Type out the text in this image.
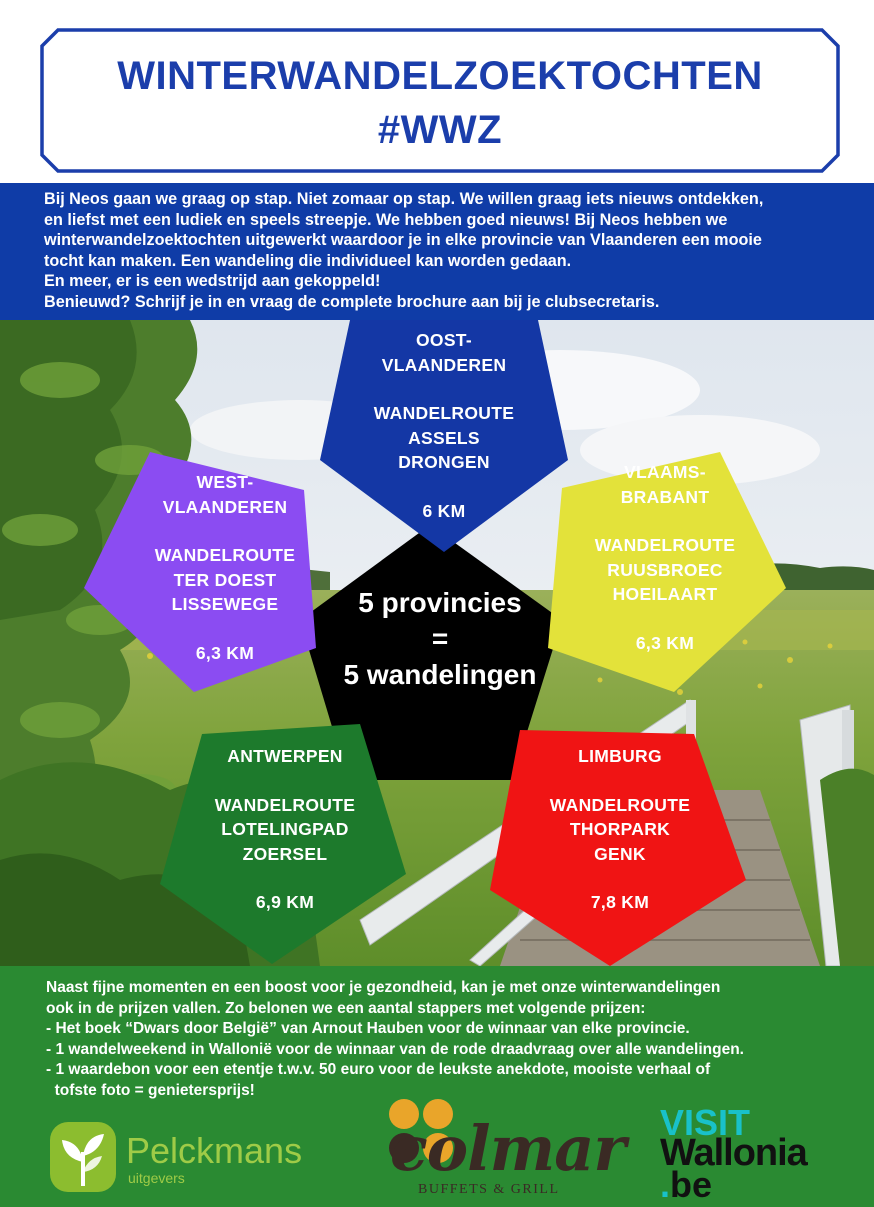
WINTERWANDELZOEKTOCHTEN
#WWZ

Bij Neos gaan we graag op stap. Niet zomaar op stap. We willen graag iets nieuws ontdekken,

en liefst met een ludiek en speels streepje. We hebben goed nieuws! Bij Neos hebben we

winterwandelzoektochten uitgewerkt waardoor je in elke provincie van Vlaanderen een mooie

tocht kan maken. Een wandeling die individueel kan worden gedaan.

En meer, er is een wedstrijd aan gekoppeld!

Benieuwd? Schrijf je in en vraag de complete brochure aan bij je clubsecretaris.

5 provincies
=
5 wandelingen
OOST-
VLAANDEREN
WANDELROUTE
ASSELS
DRONGEN
6 KM
WEST-
VLAANDEREN
WANDELROUTE
TER DOEST
LISSEWEGE
6,3 KM
VLAAMS-
BRABANT
WANDELROUTE
RUUSBROEC
HOEILAART
6,3 KM
ANTWERPEN
WANDELROUTE
LOTELINGPAD
ZOERSEL
6,9 KM
LIMBURG
WANDELROUTE
THORPARK
GENK
7,8 KM

Naast fijne momenten en een boost voor je gezondheid, kan je met onze winterwandelingen

ook in de prijzen vallen. Zo belonen we een aantal stappers met volgende prijzen:

- Het boek “Dwars door België” van Arnout Hauben voor de winnaar van elke provincie.

- 1 wandelweekend in Wallonië voor de winnaar van de rode draadvraag over alle wandelingen.

- 1 waardebon voor een etentje t.w.v. 50 euro voor de leukste anekdote, mooiste verhaal of

tofste foto = genietersprijs!

Pelckmans
uitgevers	colmar
BUFFETS & GRILL
VISIT
Wallonia
.be
